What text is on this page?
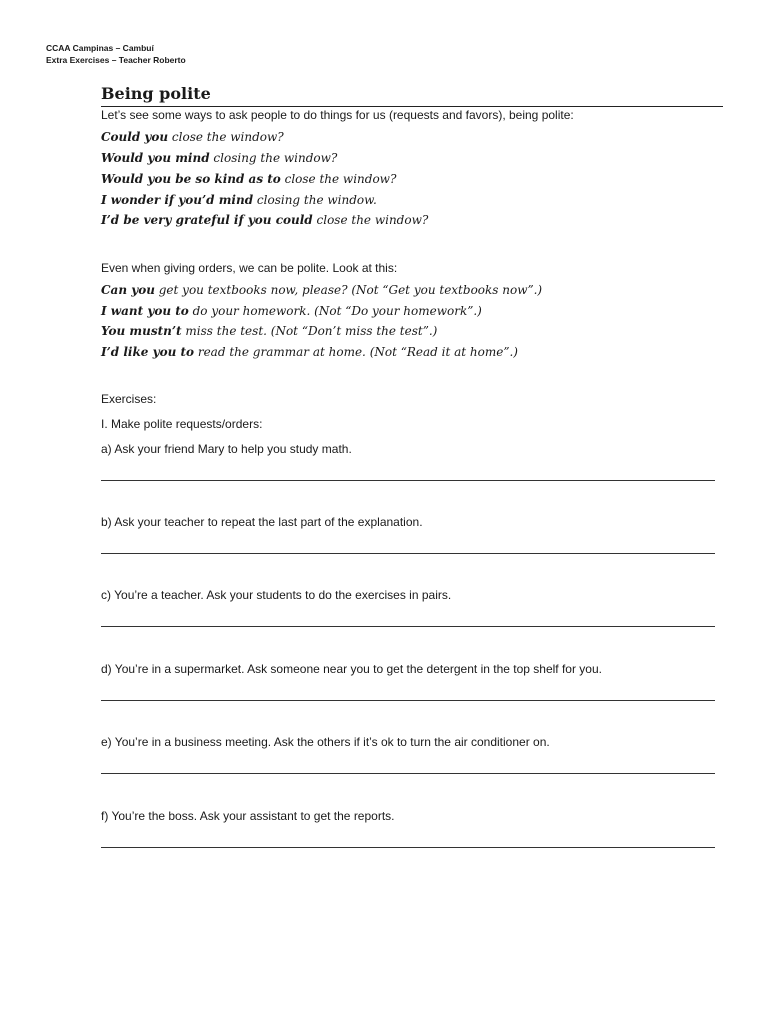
CCAA Campinas – Cambuí
Extra Exercises – Teacher Roberto
Being polite
Let’s see some ways to ask people to do things for us (requests and favors), being polite:
Could you close the window?
Would you mind closing the window?
Would you be so kind as to close the window?
I wonder if you’d mind closing the window.
I’d be very grateful if you could close the window?
Even when giving orders, we can be polite. Look at this:
Can you get you textbooks now, please? (Not “Get you textbooks now”.)
I want you to do your homework. (Not “Do your homework”.)
You mustn’t miss the test. (Not “Don’t miss the test”.)
I’d like you to read the grammar at home. (Not “Read it at home”.)
Exercises:
I. Make polite requests/orders:
a) Ask your friend Mary to help you study math.
b) Ask your teacher to repeat the last part of the explanation.
c) You’re a teacher. Ask your students to do the exercises in pairs.
d) You’re in a supermarket. Ask someone near you to get the detergent in the top shelf for you.
e) You’re in a business meeting. Ask the others if it’s ok to turn the air conditioner on.
f) You’re the boss. Ask your assistant to get the reports.
